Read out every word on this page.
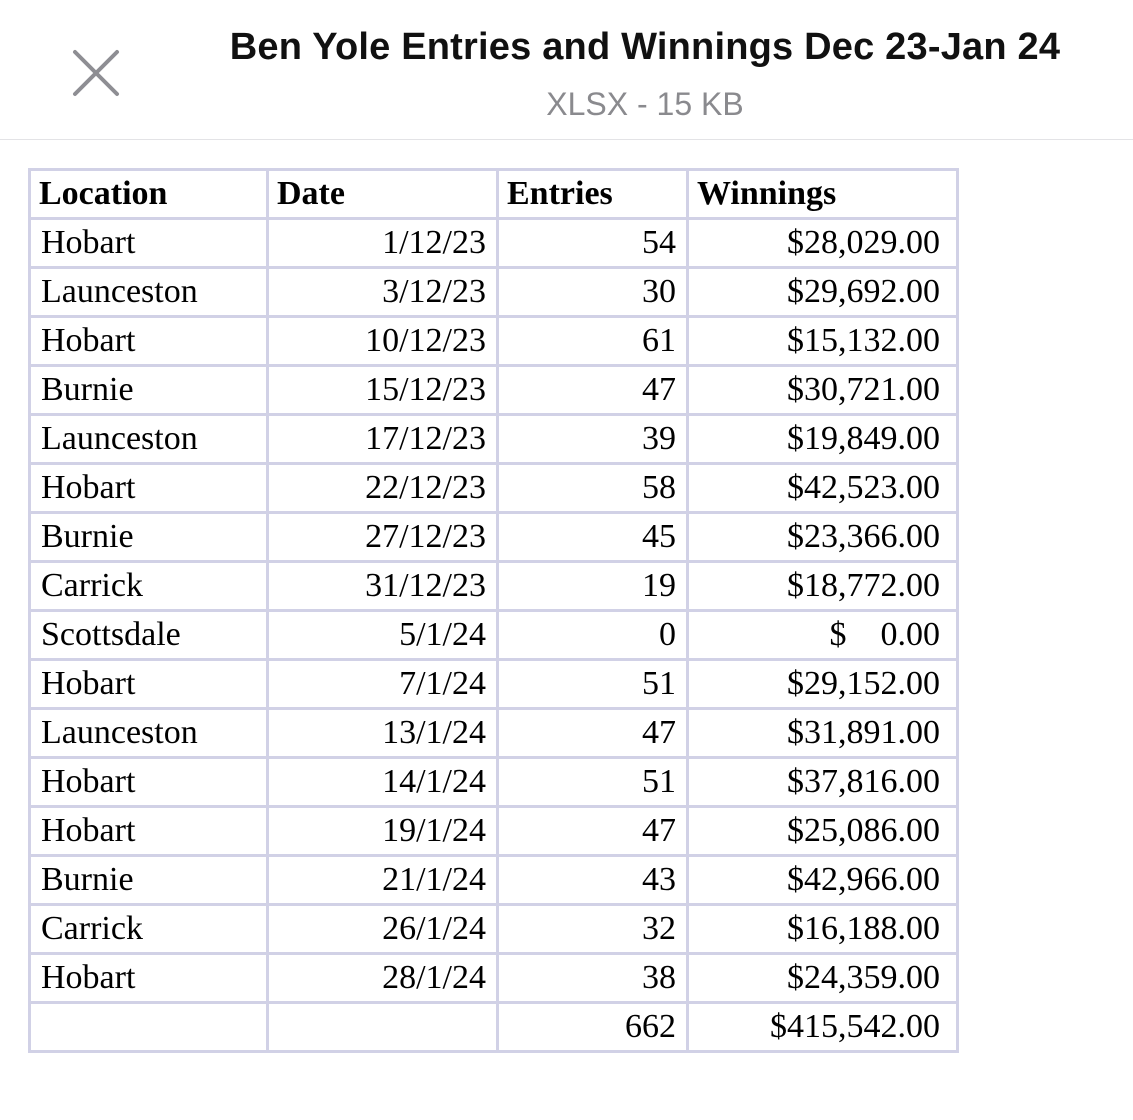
Ben Yole Entries and Winnings Dec 23-Jan 24
XLSX - 15 KB
Location	Date	Entries	Winnings
Hobart	1/12/23	54	$28,029.00
Launceston	3/12/23	30	$29,692.00
Hobart	10/12/23	61	$15,132.00
Burnie	15/12/23	47	$30,721.00
Launceston	17/12/23	39	$19,849.00
Hobart	22/12/23	58	$42,523.00
Burnie	27/12/23	45	$23,366.00
Carrick	31/12/23	19	$18,772.00
Scottsdale	5/1/24	0	$    0.00
Hobart	7/1/24	51	$29,152.00
Launceston	13/1/24	47	$31,891.00
Hobart	14/1/24	51	$37,816.00
Hobart	19/1/24	47	$25,086.00
Burnie	21/1/24	43	$42,966.00
Carrick	26/1/24	32	$16,188.00
Hobart	28/1/24	38	$24,359.00
		662	$415,542.00
